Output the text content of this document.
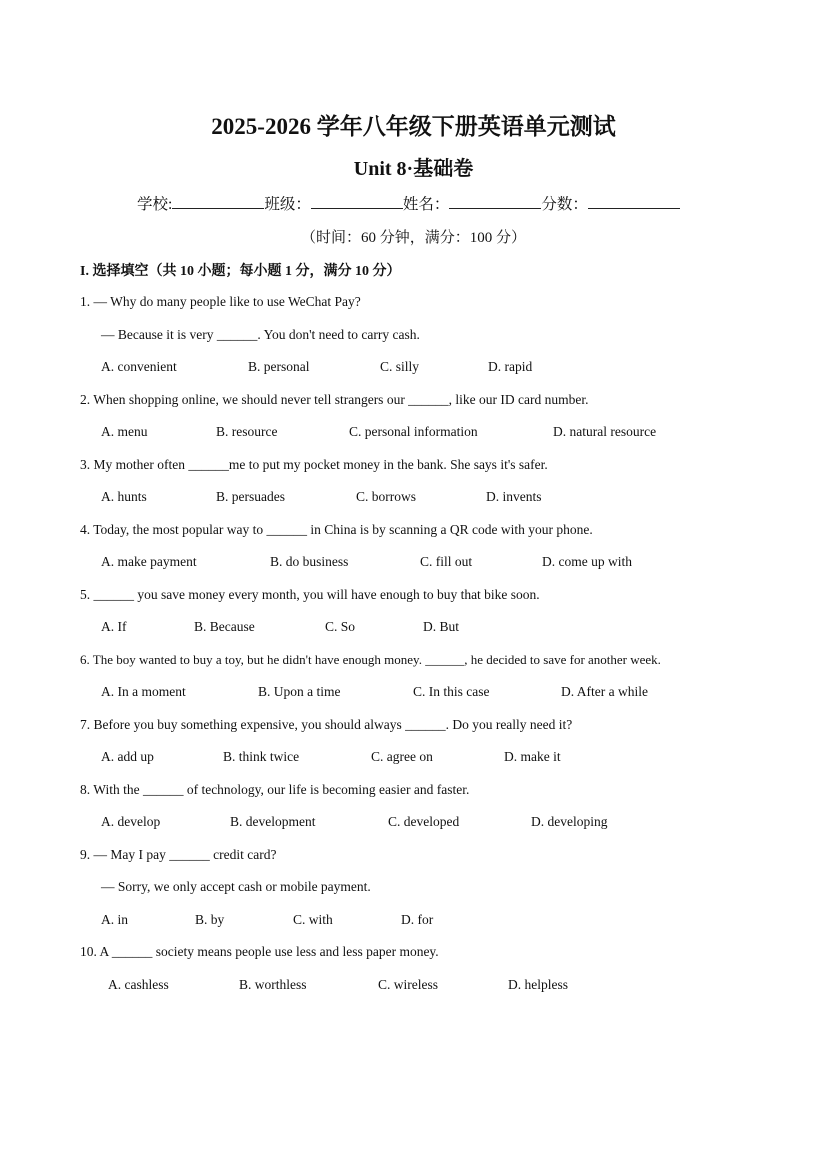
2025-2026 学年八年级下册英语单元测试
Unit 8·基础卷
学校:	班级：	姓名：	分数：
（时间：60 分钟，满分：100 分）
I. 选择填空（共 10 小题；每小题 1 分，满分 10 分）
1. — Why do many people like to use WeChat Pay?
— Because it is very ______. You don't need to carry cash.
A. convenient	B. personal	C. silly	D. rapid
2. When shopping online, we should never tell strangers our ______, like our ID card number.
A. menu	B. resource	C. personal information	D. natural resource
3. My mother often ______me to put my pocket money in the bank. She says it's safer.
A. hunts	B. persuades	C. borrows	D. invents
4. Today, the most popular way to ______ in China is by scanning a QR code with your phone.
A. make payment	B. do business	C. fill out	D. come up with
5. ______ you save money every month, you will have enough to buy that bike soon.
A. If	B. Because	C. So	D. But
6. The boy wanted to buy a toy, but he didn't have enough money. ______, he decided to save for another week.
A. In a moment	B. Upon a time	C. In this case	D. After a while
7. Before you buy something expensive, you should always ______. Do you really need it?
A. add up	B. think twice	C. agree on	D. make it
8. With the ______ of technology, our life is becoming easier and faster.
A. develop	B. development	C. developed	D. developing
9. — May I pay ______ credit card?
— Sorry, we only accept cash or mobile payment.
A. in	B. by	C. with	D. for
10. A ______ society means people use less and less paper money.
A. cashless	B. worthless	C. wireless	D. helpless
